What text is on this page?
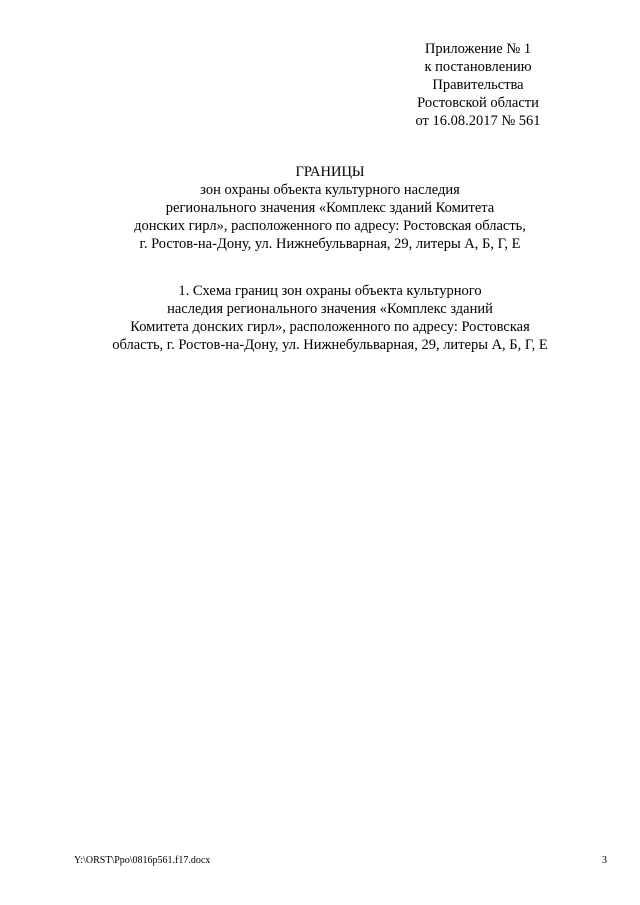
Приложение № 1
к постановлению
Правительства
Ростовской области
от 16.08.2017 № 561
ГРАНИЦЫ
зон охраны объекта культурного наследия
регионального значения «Комплекс зданий Комитета
донских гирл», расположенного по адресу: Ростовская область,
г. Ростов-на-Дону, ул. Нижнебульварная, 29, литеры А, Б, Г, Е
1. Схема границ зон охраны объекта культурного
наследия регионального значения «Комплекс зданий
Комитета донских гирл», расположенного по адресу: Ростовская
область, г. Ростов-на-Дону, ул. Нижнебульварная, 29, литеры А, Б, Г, Е
Y:\ORST\Ppo\0816p561.f17.docx	3
